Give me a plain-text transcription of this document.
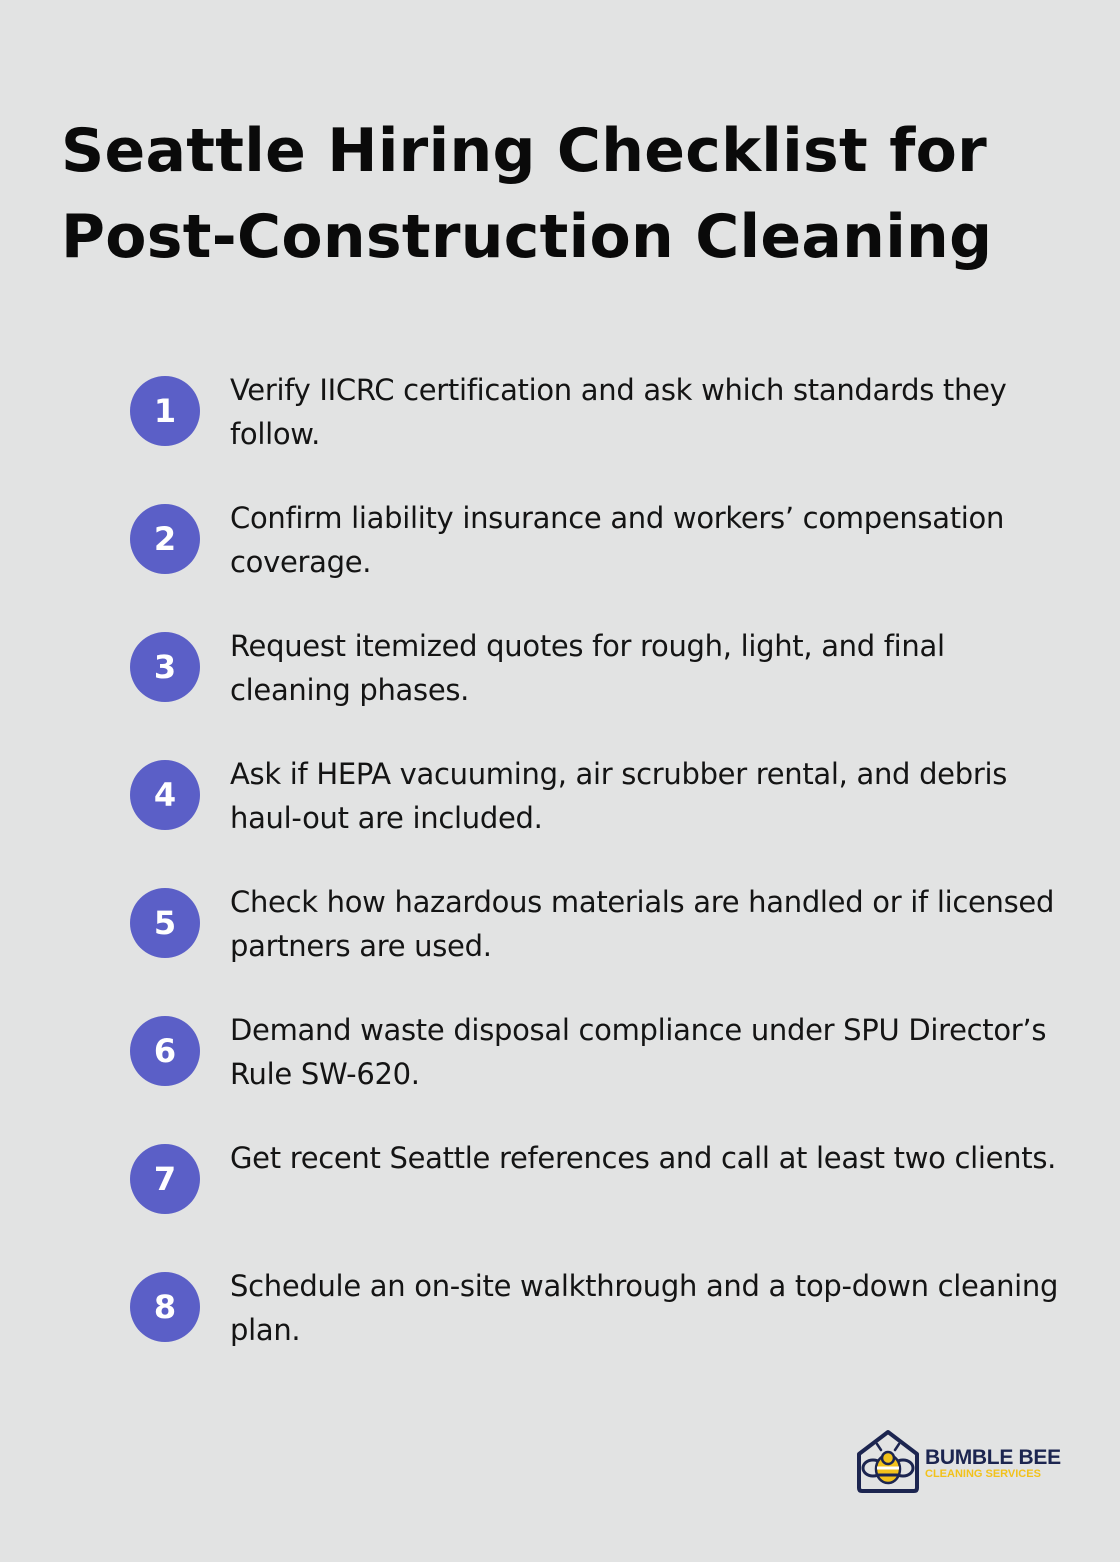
Seattle Hiring Checklist for Post-Construction Cleaning
1
Verify IICRC certification and ask which standards they follow.
2
Confirm liability insurance and workers’ compensation coverage.
3
Request itemized quotes for rough, light, and final cleaning phases.
4
Ask if HEPA vacuuming, air scrubber rental, and debris haul-out are included.
5
Check how hazardous materials are handled or if licensed partners are used.
6
Demand waste disposal compliance under SPU Director’s Rule SW-620.
7
Get recent Seattle references and call at least two clients.
8
Schedule an on-site walkthrough and a top-down cleaning plan.
BUMBLE BEE
CLEANING SERVICES
